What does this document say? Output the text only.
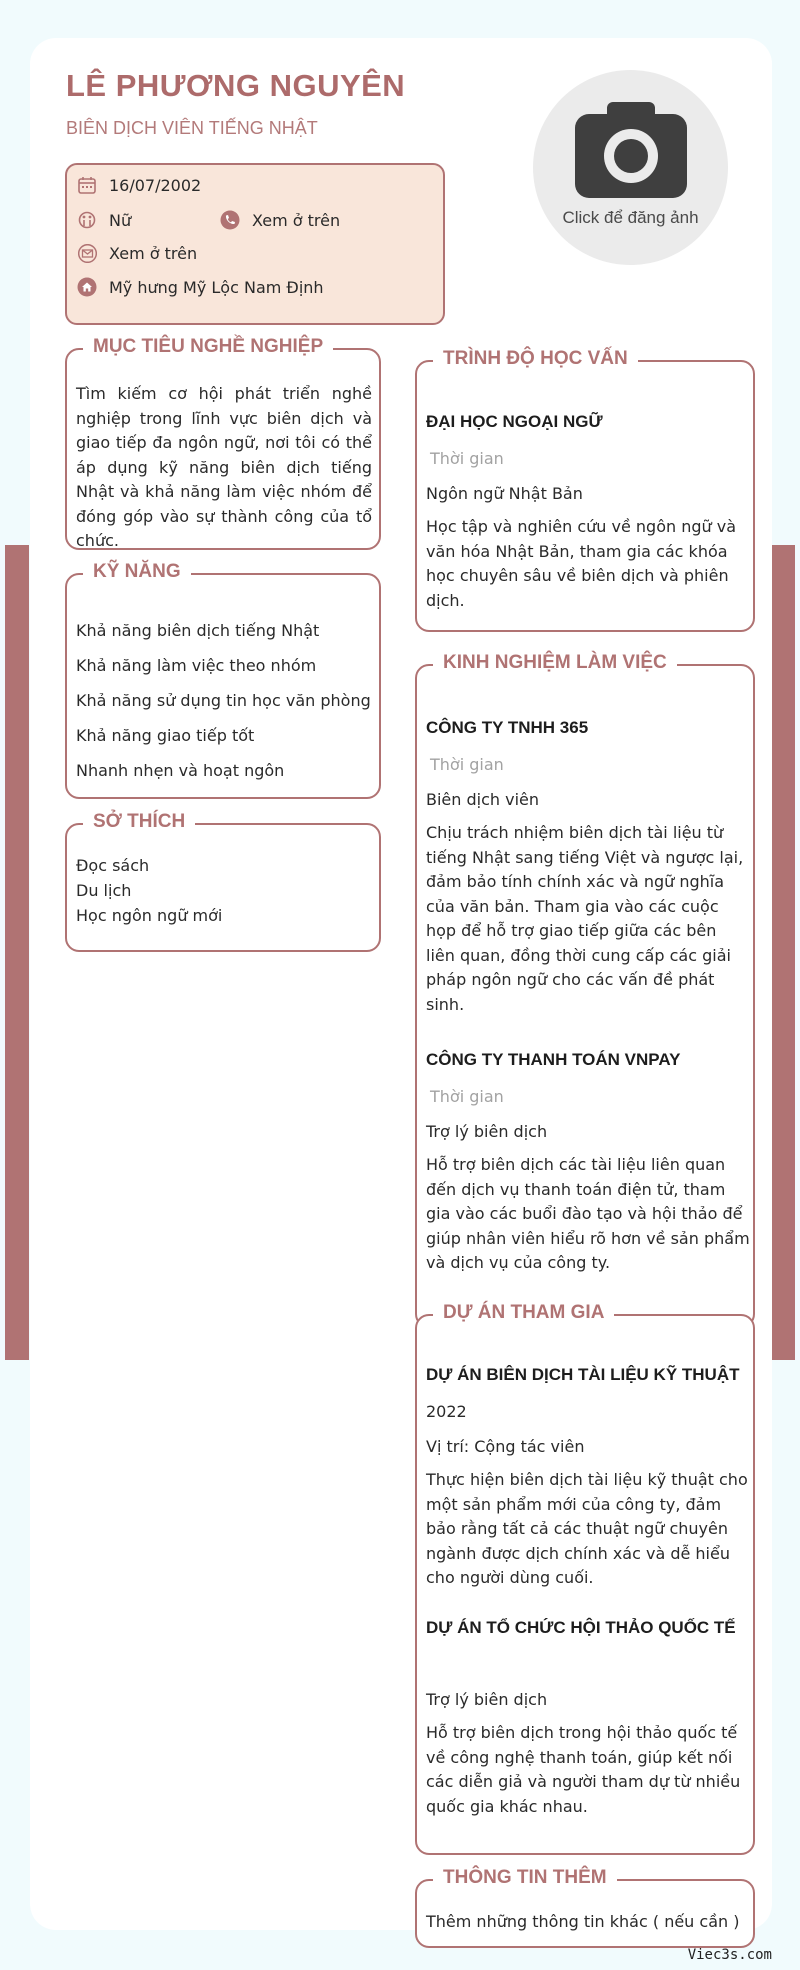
LÊ PHƯƠNG NGUYÊN
BIÊN DỊCH VIÊN TIẾNG NHẬT
Click để đăng ảnh
16/07/2002
Nữ	Xem ở trên
Xem ở trên
Mỹ hưng Mỹ Lộc Nam Định
MỤC TIÊU NGHỀ NGHIỆP
Tìm kiếm cơ hội phát triển nghề nghiệp trong lĩnh vực biên dịch và giao tiếp đa ngôn ngữ, nơi tôi có thể áp dụng kỹ năng biên dịch tiếng Nhật và khả năng làm việc nhóm để đóng góp vào sự thành công của tổ chức.
KỸ NĂNG
Khả năng biên dịch tiếng Nhật
Khả năng làm việc theo nhóm
Khả năng sử dụng tin học văn phòng
Khả năng giao tiếp tốt
Nhanh nhẹn và hoạt ngôn
SỞ THÍCH
Đọc sách
Du lịch
Học ngôn ngữ mới
TRÌNH ĐỘ HỌC VẤN
ĐẠI HỌC NGOẠI NGỮ
Thời gian
Ngôn ngữ Nhật Bản
Học tập và nghiên cứu về ngôn ngữ và văn hóa Nhật Bản, tham gia các khóa học chuyên sâu về biên dịch và phiên dịch.
KINH NGHIỆM LÀM VIỆC
CÔNG TY TNHH 365
Thời gian
Biên dịch viên
Chịu trách nhiệm biên dịch tài liệu từ tiếng Nhật sang tiếng Việt và ngược lại, đảm bảo tính chính xác và ngữ nghĩa của văn bản. Tham gia vào các cuộc họp để hỗ trợ giao tiếp giữa các bên liên quan, đồng thời cung cấp các giải pháp ngôn ngữ cho các vấn đề phát sinh.
CÔNG TY THANH TOÁN VNPAY
Thời gian
Trợ lý biên dịch
Hỗ trợ biên dịch các tài liệu liên quan đến dịch vụ thanh toán điện tử, tham gia vào các buổi đào tạo và hội thảo để giúp nhân viên hiểu rõ hơn về sản phẩm và dịch vụ của công ty.
DỰ ÁN THAM GIA
DỰ ÁN BIÊN DỊCH TÀI LIỆU KỸ THUẬT
2022
Vị trí: Cộng tác viên
Thực hiện biên dịch tài liệu kỹ thuật cho một sản phẩm mới của công ty, đảm bảo rằng tất cả các thuật ngữ chuyên ngành được dịch chính xác và dễ hiểu cho người dùng cuối.
DỰ ÁN TỔ CHỨC HỘI THẢO QUỐC TẾ
Trợ lý biên dịch
Hỗ trợ biên dịch trong hội thảo quốc tế về công nghệ thanh toán, giúp kết nối các diễn giả và người tham dự từ nhiều quốc gia khác nhau.
THÔNG TIN THÊM
Thêm những thông tin khác ( nếu cần )
Viec3s.com
